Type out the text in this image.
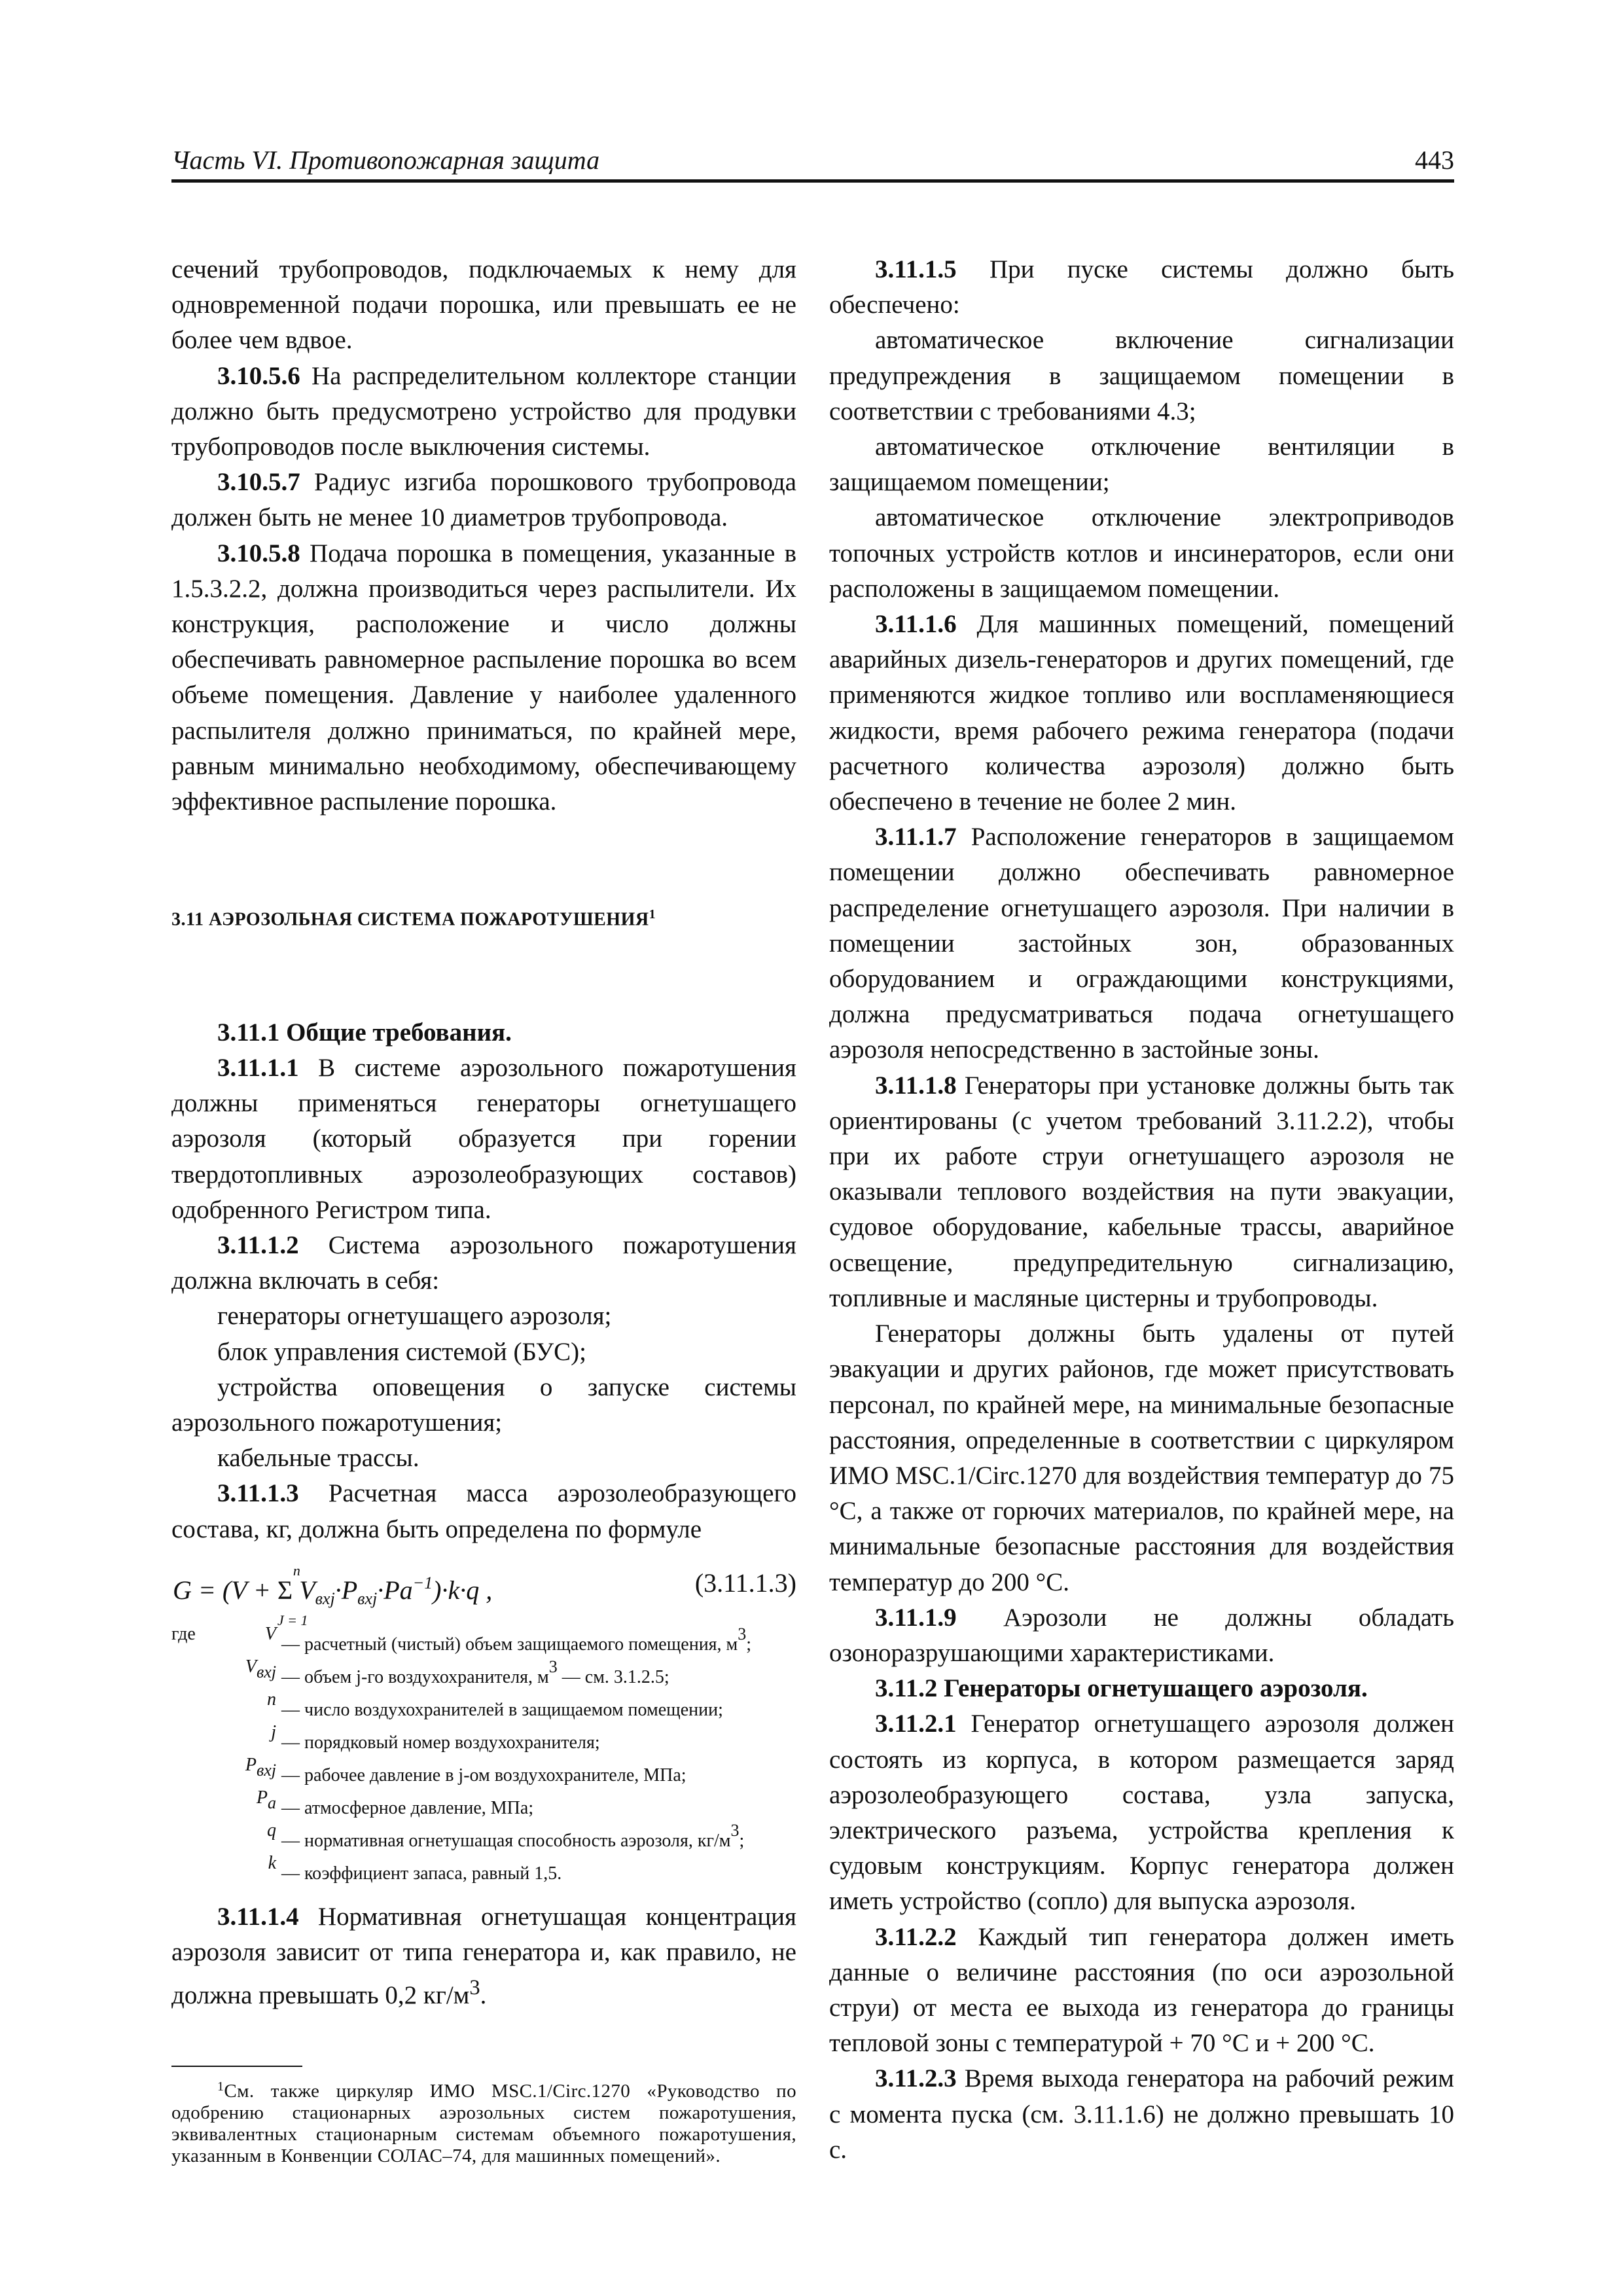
Часть VI. Противопожарная защита	443

сечений трубопроводов, подключаемых к нему для одновременной подачи порошка, или превышать ее не более чем вдвое.

3.10.5.6 На распределительном коллекторе станции должно быть предусмотрено устройство для продувки трубопроводов после выключения системы.

3.10.5.7 Радиус изгиба порошкового трубопровода должен быть не менее 10 диаметров трубопровода.

3.10.5.8 Подача порошка в помещения, указанные в 1.5.3.2.2, должна производиться через распылители. Их конструкция, расположение и число должны обеспечивать равномерное распыление порошка во всем объеме помещения. Давление у наиболее удаленного распылителя должно приниматься, по крайней мере, равным минимально необходимому, обеспечивающему эффективное распыление порошка.

3.11 АЭРОЗОЛЬНАЯ СИСТЕМА ПОЖАРОТУШЕНИЯ$^1$

3.11.1 Общие требования.

3.11.1.1 В системе аэрозольного пожаротушения должны применяться генераторы огнетушащего аэрозоля (который образуется при горении твердотопливных аэрозолеобразующих составов) одобренного Регистром типа.

3.11.1.2 Система аэрозольного пожаротушения должна включать в себя:

генераторы огнетушащего аэрозоля;

блок управления системой (БУС);

устройства оповещения о запуске системы аэрозольного пожаротушения;

кабельные трассы.

3.11.1.3 Расчетная масса аэрозолеобразующего состава, кг, должна быть определена по формуле

G = (V + Σ
n
J = 1
$V_{вxj}\cdot P_{вxj}\cdot Pa^{-1})\cdot k\cdot q$ ,	(3.11.1.3)
где	V
— расчетный (чистый) объем защищаемого помещения, м3;
Vвxj — объем j-го воздухохранителя, м3 — см. 3.1.2.5;
n
— число воздухохранителей в защищаемом помещении;
j
— порядковый номер воздухохранителя;
Pвxj — рабочее давление в j-ом воздухохранителе, МПа;
Pa — атмосферное давление, МПа;
q
— нормативная огнетушащая способность аэрозоля, кг/м3;
k
— коэффициент запаса, равный 1,5.

3.11.1.4 Нормативная огнетушащая концентрация аэрозоля зависит от типа генератора и, как правило, не должна превышать 0,2 $кг/м^3$.

$^1$См. также циркуляр ИМО MSC.1/Circ.1270 «Руководство по одобрению стационарных аэрозольных систем пожаротушения, эквивалентных стационарным системам объемного пожаротушения, указанным в Конвенции СОЛАС–74, для машинных помещений».

3.11.1.5 При пуске системы должно быть обеспечено:

автоматическое включение сигнализации предупреждения в защищаемом помещении в соответствии с требованиями 4.3;

автоматическое отключение вентиляции в защищаемом помещении;

автоматическое отключение электроприводов топочных устройств котлов и инсинераторов, если они расположены в защищаемом помещении.

3.11.1.6 Для машинных помещений, помещений аварийных дизель-генераторов и других помещений, где применяются жидкое топливо или воспламеняющиеся жидкости, время рабочего режима генератора (подачи расчетного количества аэрозоля) должно быть обеспечено в течение не более 2 мин.

3.11.1.7 Расположение генераторов в защищаемом помещении должно обеспечивать равномерное распределение огнетушащего аэрозоля. При наличии в помещении застойных зон, образованных оборудованием и ограждающими конструкциями, должна предусматриваться подача огнетушащего аэрозоля непосредственно в застойные зоны.

3.11.1.8 Генераторы при установке должны быть так ориентированы (с учетом требований 3.11.2.2), чтобы при их работе струи огнетушащего аэрозоля не оказывали теплового воздействия на пути эвакуации, судовое оборудование, кабельные трассы, аварийное освещение, предупредительную сигнализацию, топливные и масляные цистерны и трубопроводы.

Генераторы должны быть удалены от путей эвакуации и других районов, где может присутствовать персонал, по крайней мере, на минимальные безопасные расстояния, определенные в соответствии с циркуляром ИМО MSC.1/Circ.1270 для воздействия температур до 75 °C, а также от горючих материалов, по крайней мере, на минимальные безопасные расстояния для воздействия температур до 200 °C.

3.11.1.9 Аэрозоли не должны обладать озоноразрушающими характеристиками.

3.11.2 Генераторы огнетушащего аэрозоля.

3.11.2.1 Генератор огнетушащего аэрозоля должен состоять из корпуса, в котором размещается заряд аэрозолеобразующего состава, узла запуска, электрического разъема, устройства крепления к судовым конструкциям. Корпус генератора должен иметь устройство (сопло) для выпуска аэрозоля.

3.11.2.2 Каждый тип генератора должен иметь данные о величине расстояния (по оси аэрозольной струи) от места ее выхода из генератора до границы тепловой зоны с температурой + 70 °C и + 200 °C.

3.11.2.3 Время выхода генератора на рабочий режим с момента пуска (см. 3.11.1.6) не должно превышать 10 с.
